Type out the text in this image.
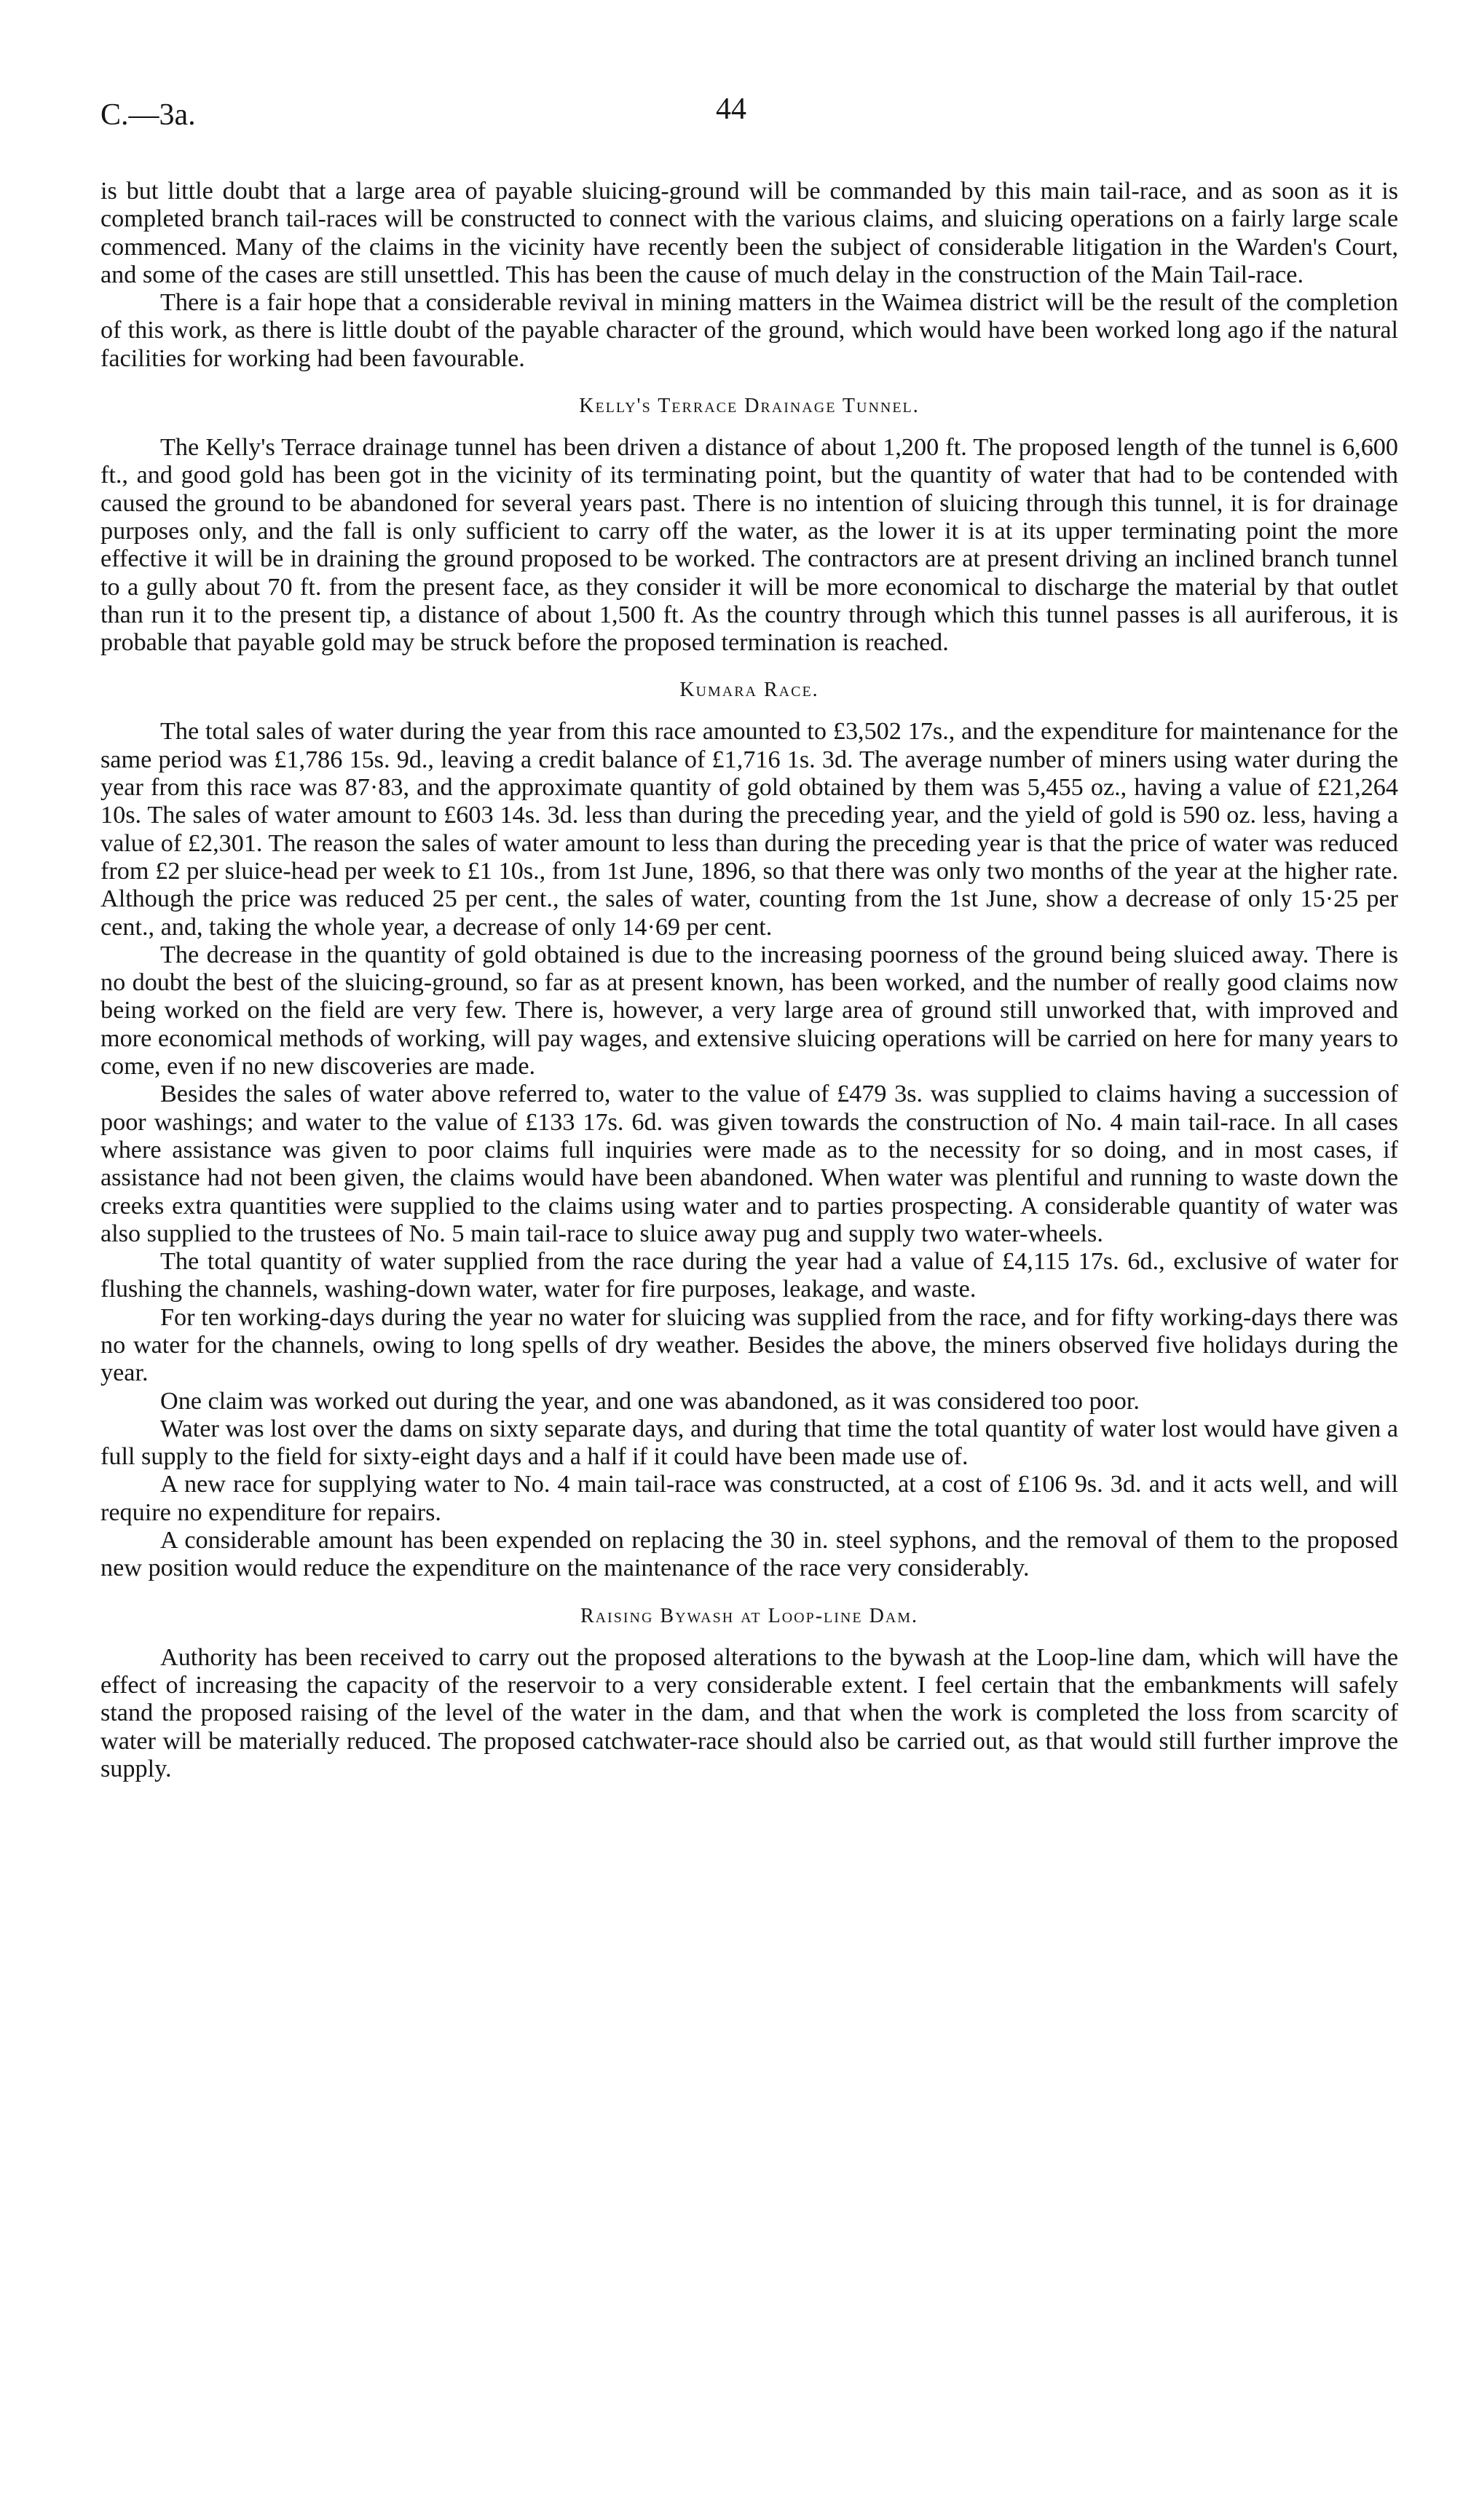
C.—3a.	44

is but little doubt that a large area of payable sluicing-ground will be commanded by this main tail-race, and as soon as it is completed branch tail-races will be constructed to connect with the various claims, and sluicing operations on a fairly large scale commenced. Many of the claims in the vicinity have recently been the subject of considerable litigation in the Warden's Court, and some of the cases are still unsettled. This has been the cause of much delay in the construction of the Main Tail-race.

There is a fair hope that a considerable revival in mining matters in the Waimea district will be the result of the completion of this work, as there is little doubt of the payable character of the ground, which would have been worked long ago if the natural facilities for working had been favourable.

Kelly's Terrace Drainage Tunnel.

The Kelly's Terrace drainage tunnel has been driven a distance of about 1,200 ft. The proposed length of the tunnel is 6,600 ft., and good gold has been got in the vicinity of its terminating point, but the quantity of water that had to be contended with caused the ground to be abandoned for several years past. There is no intention of sluicing through this tunnel, it is for drainage purposes only, and the fall is only sufficient to carry off the water, as the lower it is at its upper terminating point the more effective it will be in draining the ground proposed to be worked. The contractors are at present driving an inclined branch tunnel to a gully about 70 ft. from the present face, as they consider it will be more economical to discharge the material by that outlet than run it to the present tip, a distance of about 1,500 ft. As the country through which this tunnel passes is all auriferous, it is probable that payable gold may be struck before the proposed termination is reached.

Kumara Race.

The total sales of water during the year from this race amounted to £3,502 17s., and the expenditure for maintenance for the same period was £1,786 15s. 9d., leaving a credit balance of £1,716 1s. 3d. The average number of miners using water during the year from this race was 87·83, and the approximate quantity of gold obtained by them was 5,455 oz., having a value of £21,264 10s. The sales of water amount to £603 14s. 3d. less than during the preceding year, and the yield of gold is 590 oz. less, having a value of £2,301. The reason the sales of water amount to less than during the preceding year is that the price of water was reduced from £2 per sluice-head per week to £1 10s., from 1st June, 1896, so that there was only two months of the year at the higher rate. Although the price was reduced 25 per cent., the sales of water, counting from the 1st June, show a decrease of only 15·25 per cent., and, taking the whole year, a decrease of only 14·69 per cent.

The decrease in the quantity of gold obtained is due to the increasing poorness of the ground being sluiced away. There is no doubt the best of the sluicing-ground, so far as at present known, has been worked, and the number of really good claims now being worked on the field are very few. There is, however, a very large area of ground still unworked that, with improved and more economical methods of working, will pay wages, and extensive sluicing operations will be carried on here for many years to come, even if no new discoveries are made.

Besides the sales of water above referred to, water to the value of £479 3s. was supplied to claims having a succession of poor washings; and water to the value of £133 17s. 6d. was given towards the construction of No. 4 main tail-race. In all cases where assistance was given to poor claims full inquiries were made as to the necessity for so doing, and in most cases, if assistance had not been given, the claims would have been abandoned. When water was plentiful and running to waste down the creeks extra quantities were supplied to the claims using water and to parties prospecting. A considerable quantity of water was also supplied to the trustees of No. 5 main tail-race to sluice away pug and supply two water-wheels.

The total quantity of water supplied from the race during the year had a value of £4,115 17s. 6d., exclusive of water for flushing the channels, washing-down water, water for fire purposes, leakage, and waste.

For ten working-days during the year no water for sluicing was supplied from the race, and for fifty working-days there was no water for the channels, owing to long spells of dry weather. Besides the above, the miners observed five holidays during the year.

One claim was worked out during the year, and one was abandoned, as it was considered too poor.

Water was lost over the dams on sixty separate days, and during that time the total quantity of water lost would have given a full supply to the field for sixty-eight days and a half if it could have been made use of.

A new race for supplying water to No. 4 main tail-race was constructed, at a cost of £106 9s. 3d. and it acts well, and will require no expenditure for repairs.

A considerable amount has been expended on replacing the 30 in. steel syphons, and the removal of them to the proposed new position would reduce the expenditure on the maintenance of the race very considerably.

Raising Bywash at Loop-line Dam.

Authority has been received to carry out the proposed alterations to the bywash at the Loop-line dam, which will have the effect of increasing the capacity of the reservoir to a very considerable extent. I feel certain that the embankments will safely stand the proposed raising of the level of the water in the dam, and that when the work is completed the loss from scarcity of water will be materially reduced. The proposed catchwater-race should also be carried out, as that would still further improve the supply.
